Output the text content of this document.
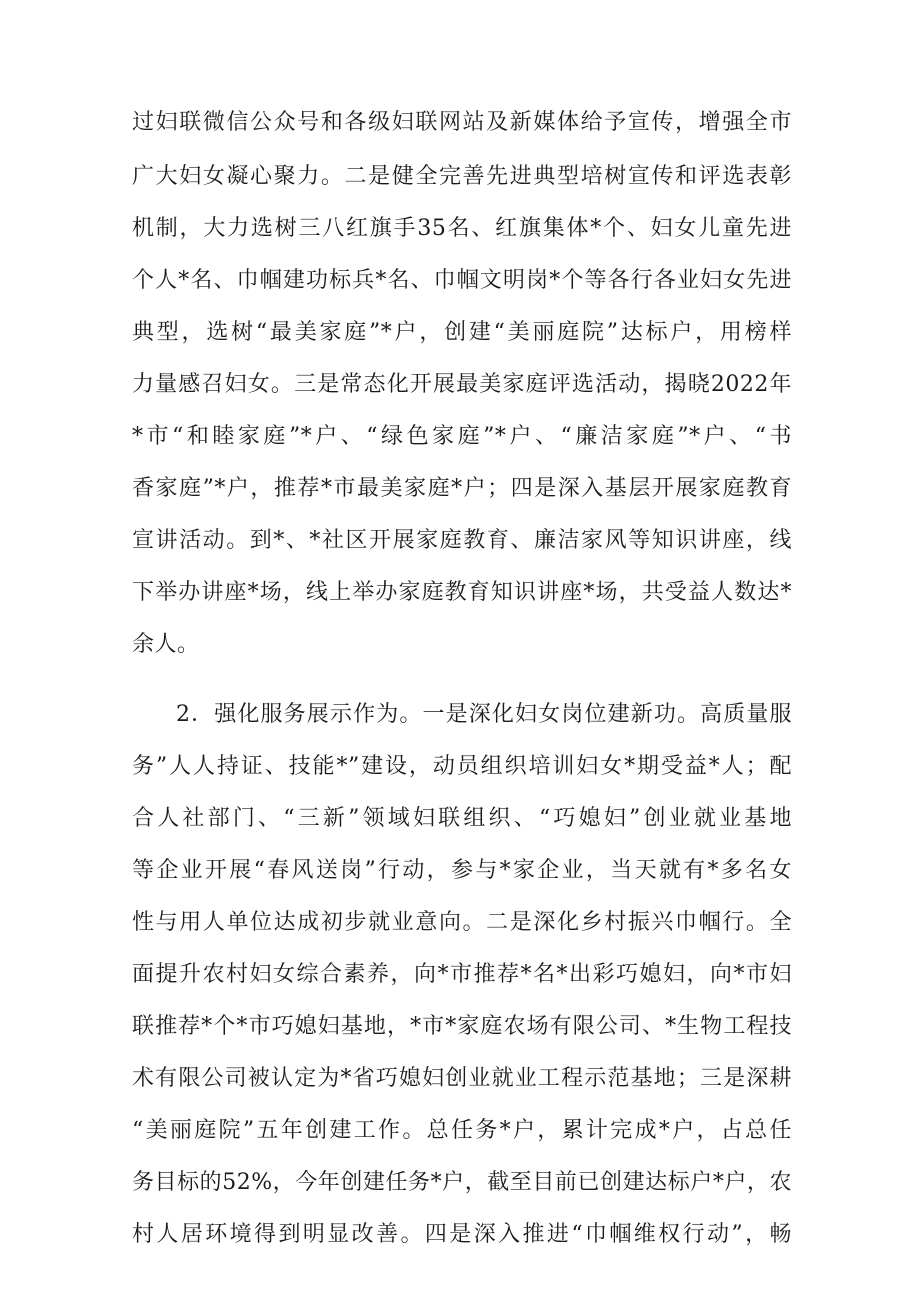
过妇联微信公众号和各级妇联网站及新媒体给予宣传，增强全市
广大妇女凝心聚力。二是健全完善先进典型培树宣传和评选表彰
机制，大力选树三八红旗手35名、红旗集体*个、妇女儿童先进
个人*名、巾帼建功标兵*名、巾帼文明岗*个等各行各业妇女先进
典型，选树“最美家庭”*户，创建“美丽庭院”达标户，用榜样
力量感召妇女。三是常态化开展最美家庭评选活动，揭晓2022年
*市“和睦家庭”*户、“绿色家庭”*户、“廉洁家庭”*户、“书
香家庭”*户，推荐*市最美家庭*户；四是深入基层开展家庭教育
宣讲活动。到*、*社区开展家庭教育、廉洁家风等知识讲座，线
下举办讲座*场，线上举办家庭教育知识讲座*场，共受益人数达*
余人。
2．强化服务展示作为。一是深化妇女岗位建新功。高质量服
务”人人持证、技能*”建设，动员组织培训妇女*期受益*人；配
合人社部门、“三新”领域妇联组织、“巧媳妇”创业就业基地
等企业开展“春风送岗”行动，参与*家企业，当天就有*多名女
性与用人单位达成初步就业意向。二是深化乡村振兴巾帼行。全
面提升农村妇女综合素养，向*市推荐*名*出彩巧媳妇，向*市妇
联推荐*个*市巧媳妇基地，*市*家庭农场有限公司、*生物工程技
术有限公司被认定为*省巧媳妇创业就业工程示范基地；三是深耕
“美丽庭院”五年创建工作。总任务*户，累计完成*户，占总任
务目标的52%，今年创建任务*户，截至目前已创建达标户*户，农
村人居环境得到明显改善。四是深入推进“巾帼维权行动”，畅
